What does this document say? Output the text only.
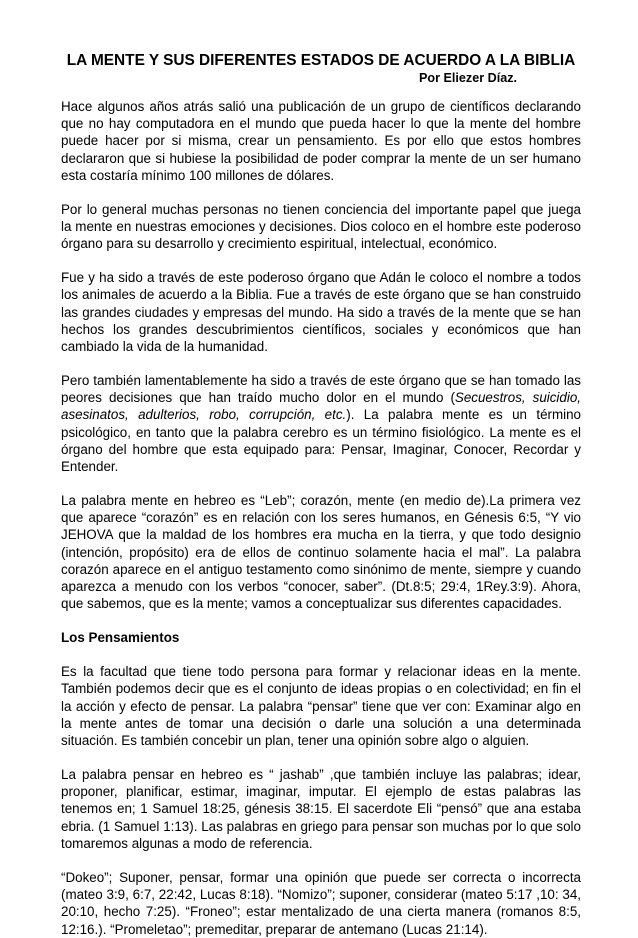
LA MENTE Y SUS DIFERENTES ESTADOS DE ACUERDO A LA BIBLIA
Por Eliezer Díaz.

Hace algunos años atrás salió una publicación de un grupo de científicos declarando que no hay computadora en el mundo que pueda hacer lo que la mente del hombre puede hacer por si misma, crear un pensamiento. Es por ello que estos hombres declararon que si hubiese la posibilidad de poder comprar la mente de un ser humano esta costaría mínimo 100 millones de dólares.

Por lo general muchas personas no tienen conciencia del importante papel que juega la mente en nuestras emociones y decisiones. Dios coloco en el hombre este poderoso órgano para su desarrollo y crecimiento espiritual, intelectual, económico.

Fue y ha sido a través de este poderoso órgano que Adán le coloco el nombre a todos los animales de acuerdo a la Biblia. Fue a través de este órgano que se han construido las grandes ciudades y empresas del mundo. Ha sido a través de la mente que se han hechos los grandes descubrimientos científicos, sociales y económicos que han cambiado la vida de la humanidad.

Pero también lamentablemente ha sido a través de este órgano que se han tomado las peores decisiones que han traído mucho dolor en el mundo (Secuestros, suicidio, asesinatos, adulterios, robo, corrupción, etc.). La palabra mente es un término psicológico, en tanto que la palabra cerebro es un término fisiológico. La mente es el órgano del hombre que esta equipado para: Pensar, Imaginar, Conocer, Recordar y Entender.

La palabra mente en hebreo es “Leb”; corazón, mente (en medio de).La primera vez que aparece “corazón” es en relación con los seres humanos, en Génesis 6:5, “Y vio JEHOVA que la maldad de los hombres era mucha en la tierra, y que todo designio (intención, propósito) era de ellos de continuo solamente hacia el mal”. La palabra corazón aparece en el antiguo testamento como sinónimo de mente, siempre y cuando aparezca a menudo con los verbos “conocer, saber”. (Dt.8:5; 29:4, 1Rey.3:9). Ahora, que sabemos, que es la mente; vamos a conceptualizar sus diferentes capacidades.

Los Pensamientos

Es la facultad que tiene todo persona para formar y relacionar ideas en la mente. También podemos decir que es el conjunto de ideas propias o en colectividad; en fin el la acción y efecto de pensar. La palabra “pensar” tiene que ver con: Examinar algo en la mente antes de tomar una decisión o darle una solución a una determinada situación. Es también concebir un plan, tener una opinión sobre algo o alguien.

La palabra pensar en hebreo es “ jashab” ,que también incluye las palabras; idear, proponer, planificar, estimar, imaginar, imputar. El ejemplo de estas palabras las tenemos en; 1 Samuel 18:25, génesis 38:15. El sacerdote Eli “pensó” que ana estaba ebria. (1 Samuel 1:13). Las palabras en griego para pensar son muchas por lo que solo tomaremos algunas a modo de referencia.

“Dokeo”; Suponer, pensar, formar una opinión que puede ser correcta o incorrecta (mateo 3:9, 6:7, 22:42, Lucas 8:18). “Nomizo”; suponer, considerar (mateo 5:17 ,10: 34, 20:10, hecho 7:25). “Froneo”; estar mentalizado de una cierta manera (romanos 8:5, 12:16.). “Promeletao”; premeditar, preparar de antemano (Lucas 21:14).
